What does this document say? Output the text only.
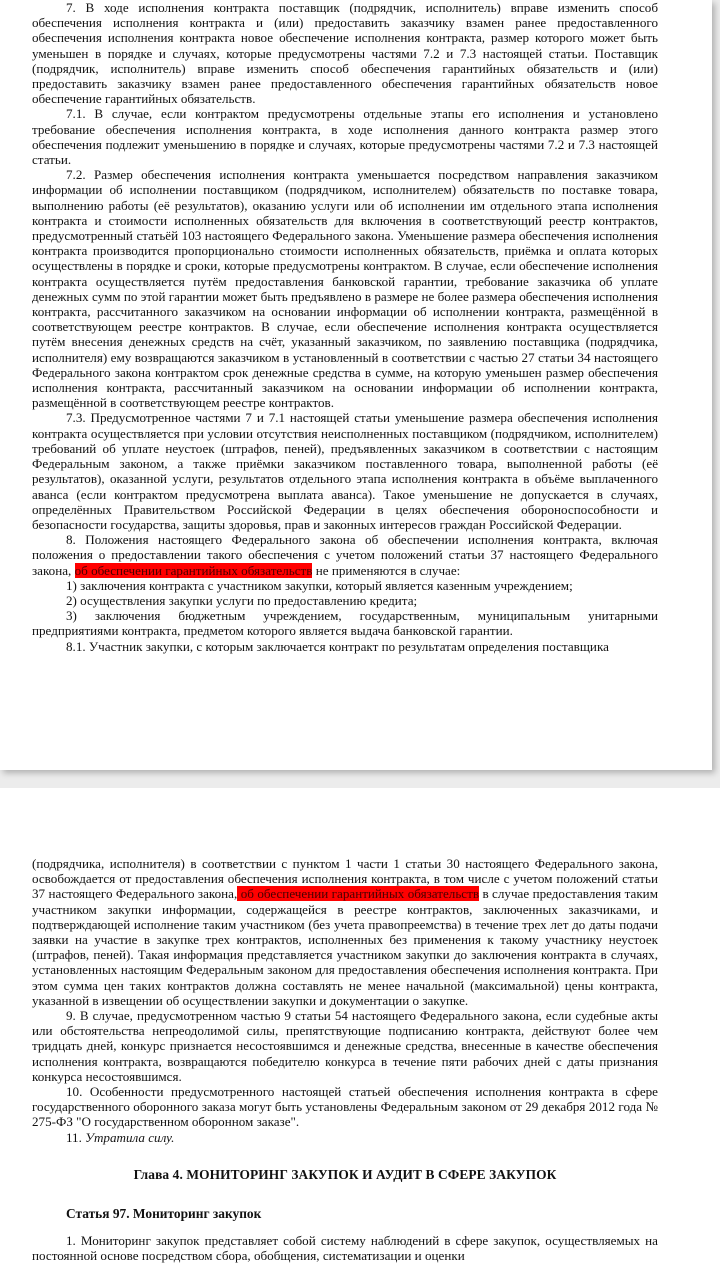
7. В ходе исполнения контракта поставщик (подрядчик, исполнитель) вправе изменить способ обеспечения исполнения контракта и (или) предоставить заказчику взамен ранее предоставленного обеспечения исполнения контракта новое обеспечение исполнения контракта, размер которого может быть уменьшен в порядке и случаях, которые предусмотрены частями 7.2 и 7.3 настоящей статьи. Поставщик (подрядчик, исполнитель) вправе изменить способ обеспечения гарантийных обязательств и (или) предоставить заказчику взамен ранее предоставленного обеспечения гарантийных обязательств новое обеспечение гарантийных обязательств.

7.1. В случае, если контрактом предусмотрены отдельные этапы его исполнения и установлено требование обеспечения исполнения контракта, в ходе исполнения данного контракта размер этого обеспечения подлежит уменьшению в порядке и случаях, которые предусмотрены частями 7.2 и 7.3 настоящей статьи.

7.2. Размер обеспечения исполнения контракта уменьшается посредством направления заказчиком информации об исполнении поставщиком (подрядчиком, исполнителем) обязательств по поставке товара, выполнению работы (её результатов), оказанию услуги или об исполнении им отдельного этапа исполнения контракта и стоимости исполненных обязательств для включения в соответствующий реестр контрактов, предусмотренный статьёй 103 настоящего Федерального закона. Уменьшение размера обеспечения исполнения контракта производится пропорционально стоимости исполненных обязательств, приёмка и оплата которых осуществлены в порядке и сроки, которые предусмотрены контрактом. В случае, если обеспечение исполнения контракта осуществляется путём предоставления банковской гарантии, требование заказчика об уплате денежных сумм по этой гарантии может быть предъявлено в размере не более размера обеспечения исполнения контракта, рассчитанного заказчиком на основании информации об исполнении контракта, размещённой в соответствующем реестре контрактов. В случае, если обеспечение исполнения контракта осуществляется путём внесения денежных средств на счёт, указанный заказчиком, по заявлению поставщика (подрядчика, исполнителя) ему возвращаются заказчиком в установленный в соответствии с частью 27 статьи 34 настоящего Федерального закона контрактом срок денежные средства в сумме, на которую уменьшен размер обеспечения исполнения контракта, рассчитанный заказчиком на основании информации об исполнении контракта, размещённой в соответствующем реестре контрактов.

7.3. Предусмотренное частями 7 и 7.1 настоящей статьи уменьшение размера обеспечения исполнения контракта осуществляется при условии отсутствия неисполненных поставщиком (подрядчиком, исполнителем) требований об уплате неустоек (штрафов, пеней), предъявленных заказчиком в соответствии с настоящим Федеральным законом, а также приёмки заказчиком поставленного товара, выполненной работы (её результатов), оказанной услуги, результатов отдельного этапа исполнения контракта в объёме выплаченного аванса (если контрактом предусмотрена выплата аванса). Такое уменьшение не допускается в случаях, определённых Правительством Российской Федерации в целях обеспечения обороноспособности и безопасности государства, защиты здоровья, прав и законных интересов граждан Российской Федерации.

8. Положения настоящего Федерального закона об обеспечении исполнения контракта, включая положения о предоставлении такого обеспечения с учетом положений статьи 37 настоящего Федерального закона, об обеспечении гарантийных обязательств не применяются в случае:

1) заключения контракта с участником закупки, который является казенным учреждением;

2) осуществления закупки услуги по предоставлению кредита;

3) заключения бюджетным учреждением, государственным, муниципальным унитарными предприятиями контракта, предметом которого является выдача банковской гарантии.

8.1. Участник закупки, с которым заключается контракт по результатам определения поставщика

(подрядчика, исполнителя) в соответствии с пунктом 1 части 1 статьи 30 настоящего Федерального закона, освобождается от предоставления обеспечения исполнения контракта, в том числе с учетом положений статьи 37 настоящего Федерального закона, об обеспечении гарантийных обязательств в случае предоставления таким участником закупки информации, содержащейся в реестре контрактов, заключенных заказчиками, и подтверждающей исполнение таким участником (без учета правопреемства) в течение трех лет до даты подачи заявки на участие в закупке трех контрактов, исполненных без применения к такому участнику неустоек (штрафов, пеней). Такая информация представляется участником закупки до заключения контракта в случаях, установленных настоящим Федеральным законом для предоставления обеспечения исполнения контракта. При этом сумма цен таких контрактов должна составлять не менее начальной (максимальной) цены контракта, указанной в извещении об осуществлении закупки и документации о закупке.

9. В случае, предусмотренном частью 9 статьи 54 настоящего Федерального закона, если судебные акты или обстоятельства непреодолимой силы, препятствующие подписанию контракта, действуют более чем тридцать дней, конкурс признается несостоявшимся и денежные средства, внесенные в качестве обеспечения исполнения контракта, возвращаются победителю конкурса в течение пяти рабочих дней с даты признания конкурса несостоявшимся.

10. Особенности предусмотренного настоящей статьей обеспечения исполнения контракта в сфере государственного оборонного заказа могут быть установлены Федеральным законом от 29 декабря 2012 года № 275-ФЗ "О государственном оборонном заказе".

11. Утратила силу.

Глава 4. МОНИТОРИНГ ЗАКУПОК И АУДИТ В СФЕРЕ ЗАКУПОК
Статья 97. Мониторинг закупок

1. Мониторинг закупок представляет собой систему наблюдений в сфере закупок, осуществляемых на постоянной основе посредством сбора, обобщения, систематизации и оценки
